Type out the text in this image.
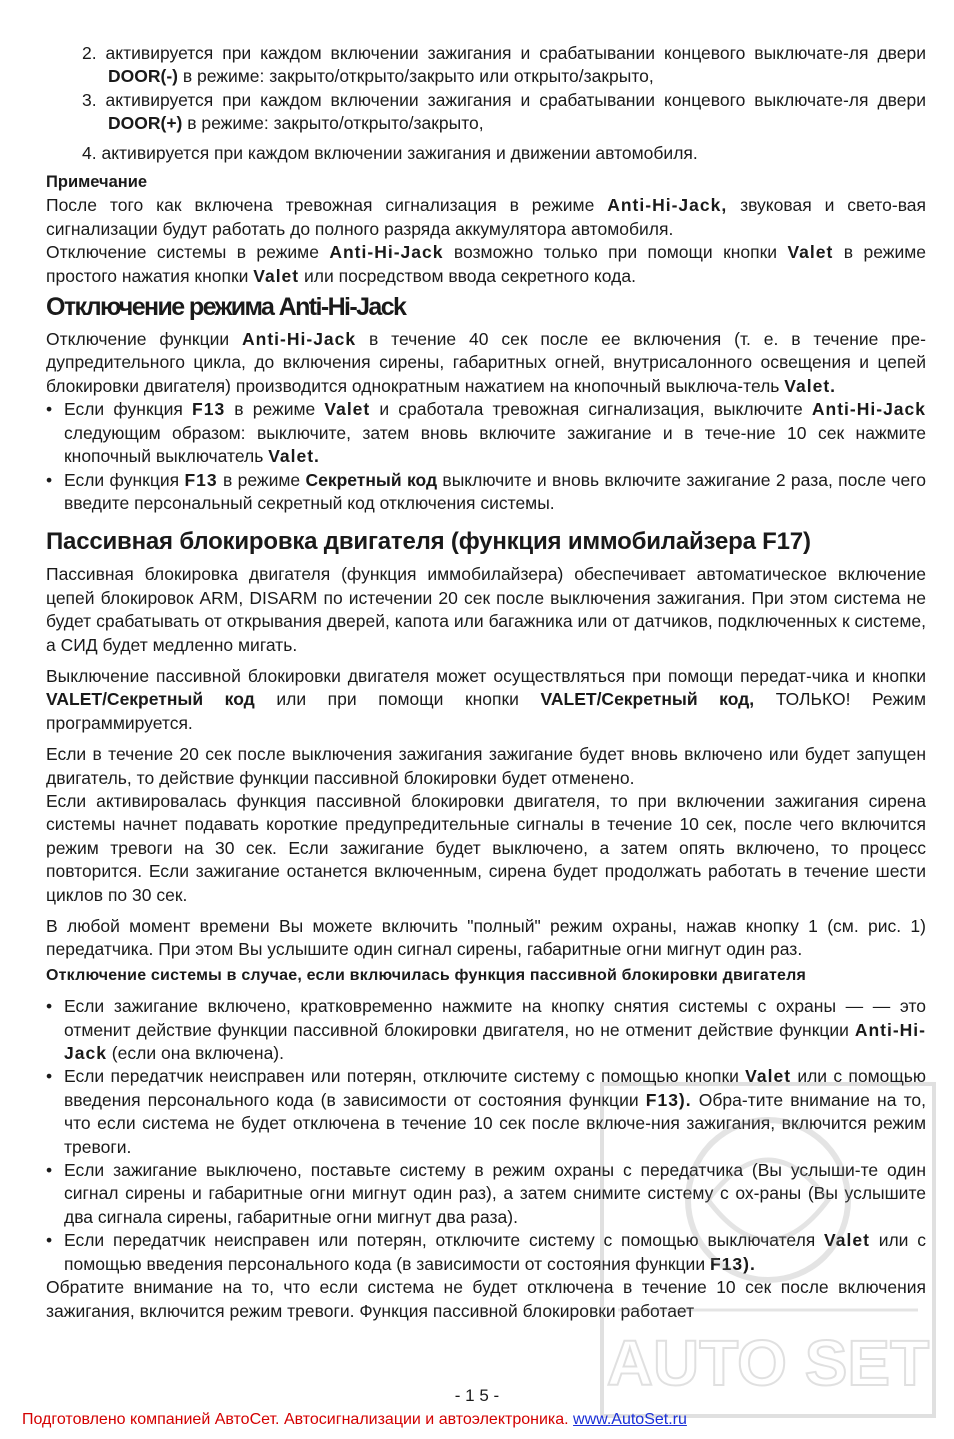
2. активируется при каждом включении зажигания и срабатывании концевого выключате-ля двери DOOR(-) в режиме: закрыто/открыто/закрыто или открыто/закрыто,

3. активируется при каждом включении зажигания и срабатывании концевого выключате-ля двери DOOR(+) в режиме: закрыто/открыто/закрыто,

4. активируется при каждом включении зажигания и движении автомобиля.

Примечание

После того как включена тревожная сигнализация в режиме Anti-Hi-Jack, звуковая и свето-вая сигнализации будут работать до полного разряда аккумулятора автомобиля.

Отключение системы в режиме Anti-Hi-Jack возможно только при помощи кнопки Valet в режиме простого нажатия кнопки Valet или посредством ввода секретного кода.

Отключение режима Anti-Hi-Jack

Отключение функции Anti-Hi-Jack в течение 40 сек после ее включения (т. е. в течение пре-дупредительного цикла, до включения сирены, габаритных огней, внутрисалонного освещения и цепей блокировки двигателя) производится однократным нажатием на кнопочный выключа-тель Valet.

• Если функция F13 в режиме Valet и сработала тревожная сигнализация, выключите Anti-Hi-Jack следующим образом: выключите, затем вновь включите зажигание и в тече-ние 10 сек нажмите кнопочный выключатель Valet.

• Если функция F13 в режиме Секретный код выключите и вновь включите зажигание 2 раза, после чего введите персональный секретный код отключения системы.

Пассивная блокировка двигателя (функция иммобилайзера F17)

Пассивная блокировка двигателя (функция иммобилайзера) обеспечивает автоматическое включение цепей блокировок ARM, DISARM по истечении 20 сек после выключения зажигания. При этом система не будет срабатывать от открывания дверей, капота или багажника или от датчиков, подключенных к системе, а СИД будет медленно мигать.

Выключение пассивной блокировки двигателя может осуществляться при помощи передат-чика и кнопки VALET/Секретный код или при помощи кнопки VALET/Секретный код, ТОЛЬКО! Режим программируется.

Если в течение 20 сек после выключения зажигания зажигание будет вновь включено или будет запущен двигатель, то действие функции пассивной блокировки будет отменено.

Если активировалась функция пассивной блокировки двигателя, то при включении зажигания сирена системы начнет подавать короткие предупредительные сигналы в течение 10 сек, после чего включится режим тревоги на 30 сек. Если зажигание будет выключено, а затем опять включено, то процесс повторится. Если зажигание останется включенным, сирена будет продолжать работать в течение шести циклов по 30 сек.

В любой момент времени Вы можете включить "полный" режим охраны, нажав кнопку 1 (см. рис. 1) передатчика. При этом Вы услышите один сигнал сирены, габаритные огни мигнут один раз.

Отключение системы в случае, если включилась функция пассивной блокировки двигателя

• Если зажигание включено, кратковременно нажмите на кнопку снятия системы с охраны — — это отменит действие функции пассивной блокировки двигателя, но не отменит действие функции Anti-Hi-Jack (если она включена).

• Если передатчик неисправен или потерян, отключите систему с помощью кнопки Valet или с помощью введения персонального кода (в зависимости от состояния функции F13). Обра-тите внимание на то, что если система не будет отключена в течение 10 сек после включе-ния зажигания, включится режим тревоги.

• Если зажигание выключено, поставьте систему в режим охраны с передатчика (Вы услыши-те один сигнал сирены и габаритные огни мигнут один раз), а затем снимите систему с ох-раны (Вы услышите два сигнала сирены, габаритные огни мигнут два раза).

• Если передатчик неисправен или потерян, отключите систему с помощью выключателя Valet или с помощью введения персонального кода (в зависимости от состояния функции F13).

Обратите внимание на то, что если система не будет отключена в течение 10 сек после включения зажигания, включится режим тревоги. Функция пассивной блокировки работает

AUTO SET
- 1 5 -
Подготовлено компанией АвтоСет. Автосигнализации и автоэлектроника. www.AutoSet.ru
